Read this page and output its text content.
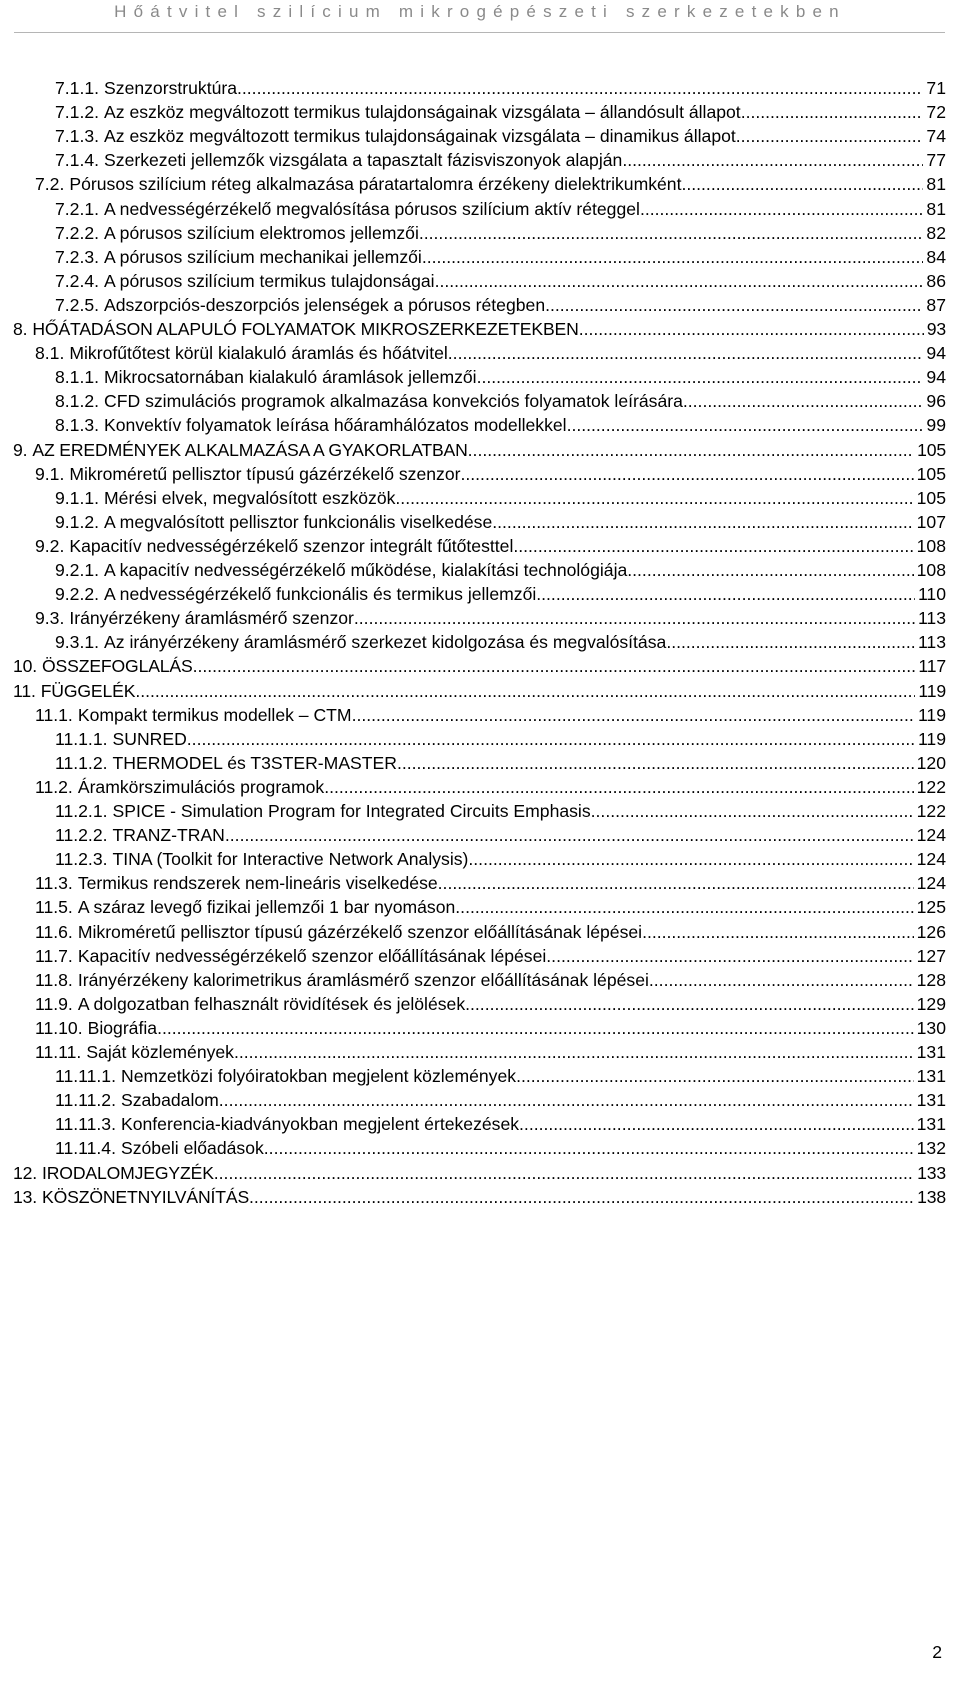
Hőátvitel szilícium mikrogépészeti szerkezetekben
7.1.1. Szenzorstruktúra .....	71
7.1.2. Az eszköz megváltozott termikus tulajdonságainak vizsgálata – állandósult állapot .....	72
7.1.3. Az eszköz megváltozott termikus tulajdonságainak vizsgálata – dinamikus állapot .....	74
7.1.4. Szerkezeti jellemzők vizsgálata a tapasztalt fázisviszonyok alapján .....	77
7.2. Pórusos szilícium réteg alkalmazása páratartalomra érzékeny dielektrikumként .....	81
7.2.1. A nedvességérzékelő megvalósítása pórusos szilícium aktív réteggel .....	81
7.2.2. A pórusos szilícium elektromos jellemzői .....	82
7.2.3. A pórusos szilícium mechanikai jellemzői .....	84
7.2.4. A pórusos szilícium termikus tulajdonságai .....	86
7.2.5. Adszorpciós-deszorpciós jelenségek a pórusos rétegben .....	87
8. HŐÁTADÁSON ALAPULÓ FOLYAMATOK MIKROSZERKEZETEKBEN .....	93
8.1. Mikrofűtőtest körül kialakuló áramlás és hőátvitel .....	94
8.1.1. Mikrocsatornában kialakuló áramlások jellemzői .....	94
8.1.2. CFD szimulációs programok alkalmazása konvekciós folyamatok leírására .....	96
8.1.3. Konvektív folyamatok leírása hőáramhálózatos modellekkel .....	99
9. AZ EREDMÉNYEK ALKALMAZÁSA A GYAKORLATBAN .....	105
9.1. Mikroméretű pellisztor típusú gázérzékelő szenzor .....	105
9.1.1. Mérési elvek, megvalósított eszközök .....	105
9.1.2. A megvalósított pellisztor funkcionális viselkedése .....	107
9.2. Kapacitív nedvességérzékelő szenzor integrált fűtőtesttel .....	108
9.2.1. A kapacitív nedvességérzékelő működése, kialakítási technológiája .....	108
9.2.2. A nedvességérzékelő funkcionális és termikus jellemzői .....	110
9.3. Irányérzékeny áramlásmérő szenzor .....	113
9.3.1. Az irányérzékeny áramlásmérő szerkezet kidolgozása és megvalósítása .....	113
10. ÖSSZEFOGLALÁS .....	117
11. FÜGGELÉK .....	119
11.1. Kompakt termikus modellek – CTM .....	119
11.1.1. SUNRED .....	119
11.1.2. THERMODEL és T3STER-MASTER .....	120
11.2. Áramkörszimulációs programok .....	122
11.2.1. SPICE - Simulation Program for Integrated Circuits Emphasis .....	122
11.2.2. TRANZ-TRAN .....	124
11.2.3. TINA (Toolkit for Interactive Network Analysis) .....	124
11.3. Termikus rendszerek nem-lineáris viselkedése .....	124
11.5. A száraz levegő fizikai jellemzői 1 bar nyomáson .....	125
11.6. Mikroméretű pellisztor típusú gázérzékelő szenzor előállításának lépései .....	126
11.7. Kapacitív nedvességérzékelő szenzor előállításának lépései .....	127
11.8. Irányérzékeny kalorimetrikus áramlásmérő szenzor előállításának lépései .....	128
11.9. A dolgozatban felhasznált rövidítések és jelölések .....	129
11.10. Biográfia .....	130
11.11. Saját közlemények .....	131
11.11.1. Nemzetközi folyóiratokban megjelent közlemények .....	131
11.11.2. Szabadalom .....	131
11.11.3. Konferencia-kiadványokban megjelent értekezések .....	131
11.11.4. Szóbeli előadások .....	132
12. IRODALOMJEGYZÉK .....	133
13. KÖSZÖNETNYILVÁNÍTÁS .....	138
2
